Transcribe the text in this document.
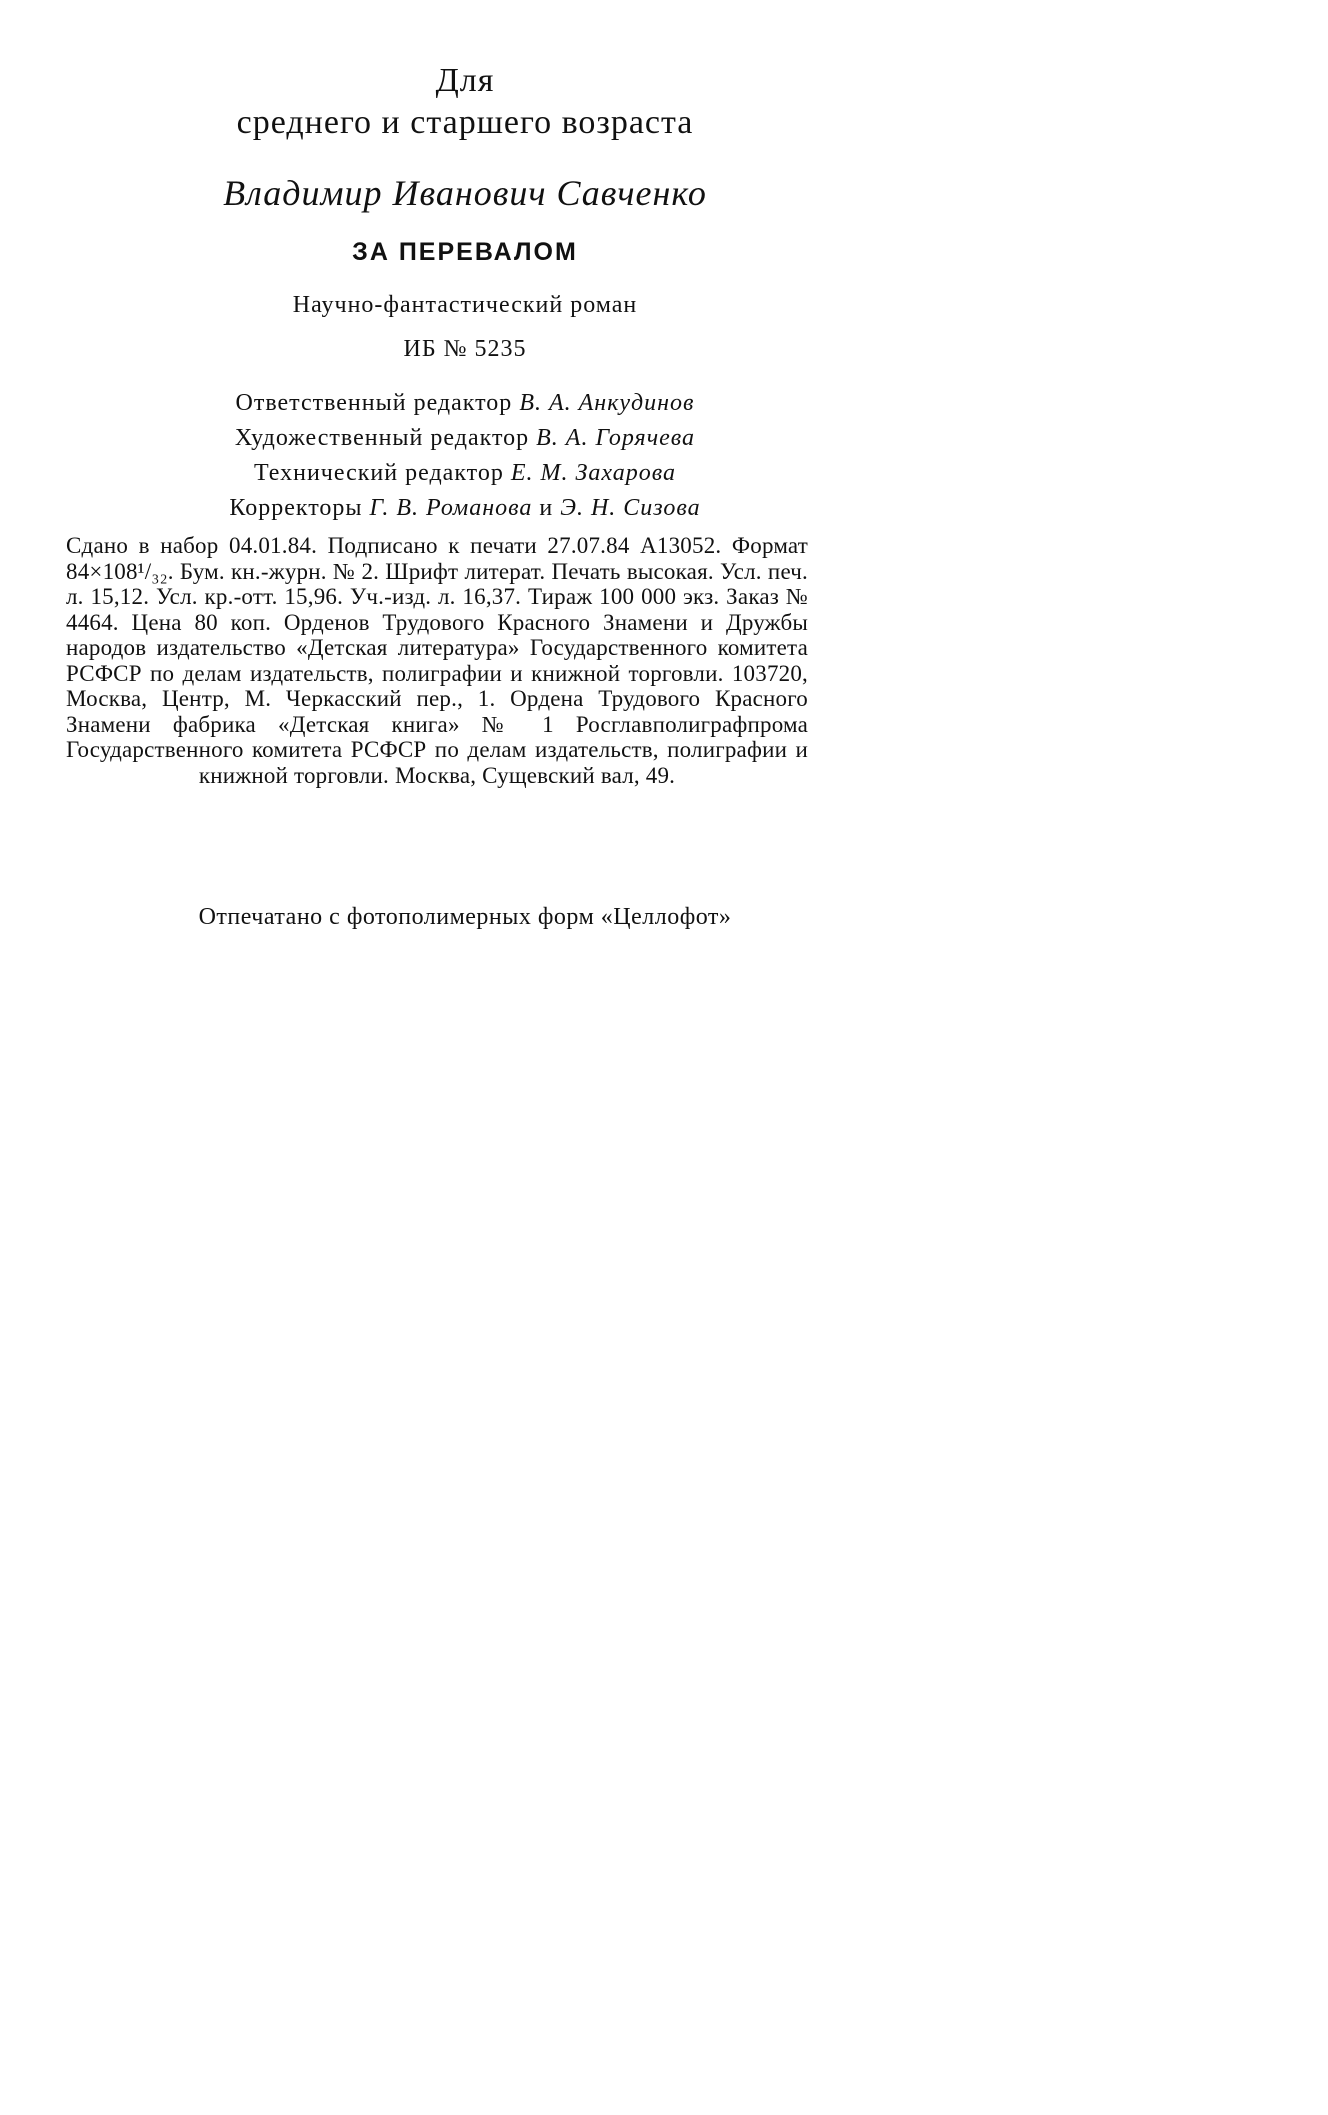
Для
среднего и старшего возраста
Владимир Иванович Савченко
ЗА ПЕРЕВАЛОМ
Научно-фантастический роман
ИБ № 5235
Ответственный редактор В. А. Анкудинов
Художественный редактор В. А. Горячева
Технический редактор Е. М. Захарова
Корректоры Г. В. Романова и Э. Н. Сизова
Сдано в набор 04.01.84. Подписано к печати 27.07.84 А13052. Формат 84×108¹/₃₂. Бум. кн.-журн. № 2. Шрифт литерат. Печать высокая. Усл. печ. л. 15,12. Усл. кр.-отт. 15,96. Уч.-изд. л. 16,37. Тираж 100 000 экз. Заказ № 4464. Цена 80 коп. Орденов Трудового Красного Знамени и Дружбы народов издательство «Детская литература» Государственного комитета РСФСР по делам издательств, полиграфии и книжной торговли. 103720, Москва, Центр, М. Черкасский пер., 1. Ордена Трудового Красного Знамени фабрика «Детская книга» № 1 Росглавполиграфпрома Государственного комитета РСФСР по делам издательств, полиграфии и книжной торговли. Москва, Сущевский вал, 49.
Отпечатано с фотополимерных форм «Целлофот»
